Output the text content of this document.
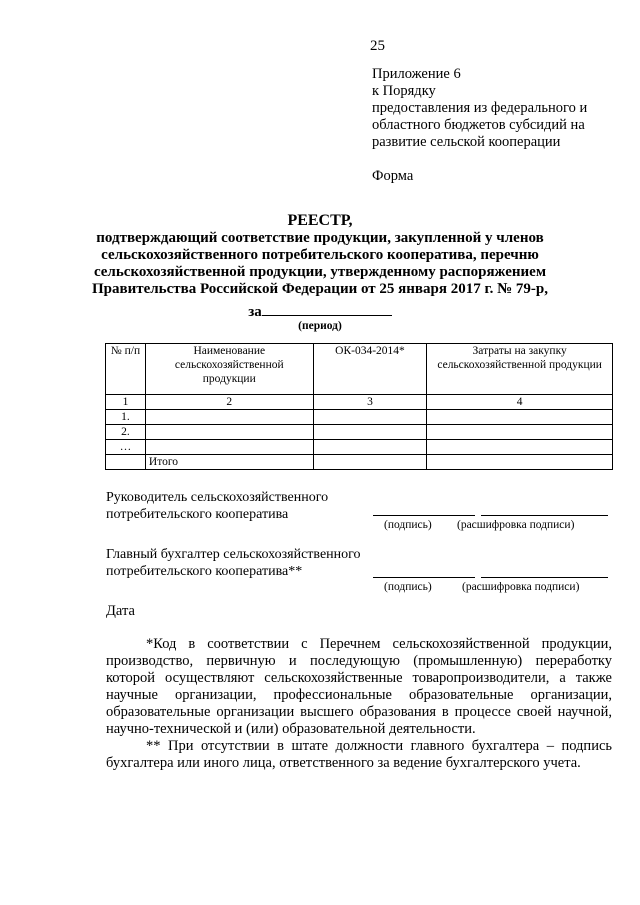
25
Приложение 6
к Порядку
предоставления из федерального и
областного бюджетов субсидий на
развитие сельской кооперации
Форма
РЕЕСТР,
подтверждающий соответствие продукции, закупленной у членов
сельскохозяйственного потребительского кооператива, перечню
сельскохозяйственной продукции, утвержденному распоряжением
Правительства Российской Федерации от 25 января 2017 г. № 79-р,
за
(период)
№ п/п	Наименование сельскохозяйственной продукции	ОК-034-2014*	Затраты на закупку сельскохозяйственной продукции
1	2	3	4
1.			
2.			
…			
	Итого		
Руководитель сельскохозяйственного
потребительского кооператива
(подпись) (расшифровка подписи)
Главный бухгалтер сельскохозяйственного
потребительского кооператива**
(подпись)	(расшифровка подписи)
Дата

*Код в соответствии с Перечнем сельскохозяйственной продукции, производство, первичную и последующую (промышленную) переработку которой осуществляют сельскохозяйственные товаропроизводители, а также научные организации, профессиональные образовательные организации, образовательные организации высшего образования в процессе своей научной, научно-технической и (или) образовательной деятельности.

** При отсутствии в штате должности главного бухгалтера – подпись бухгалтера или иного лица, ответственного за ведение бухгалтерского учета.
